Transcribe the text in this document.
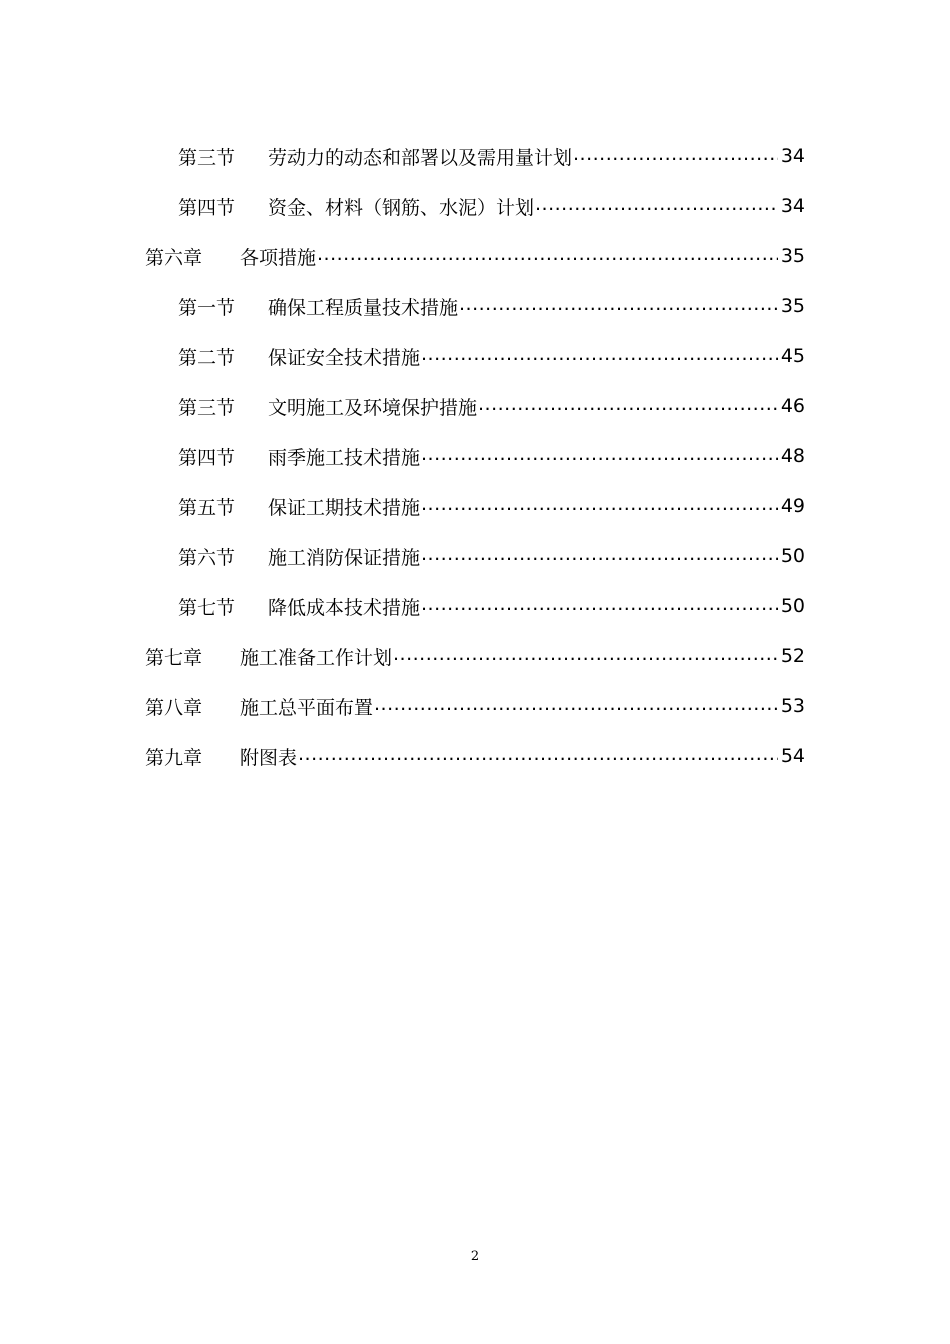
第三节	劳动力的动态和部署以及需用量计划 .....	34
第四节	资金、材料（钢筋、水泥）计划 .....	34
第六章	各项措施 .....	35
第一节	确保工程质量技术措施 .....	35
第二节	保证安全技术措施 .....	45
第三节	文明施工及环境保护措施 .....	46
第四节	雨季施工技术措施 .....	48
第五节	保证工期技术措施 .....	49
第六节	施工消防保证措施 .....	50
第七节	降低成本技术措施 .....	50
第七章	施工准备工作计划 .....	52
第八章	施工总平面布置 .....	53
第九章	附图表 .....	54
2
